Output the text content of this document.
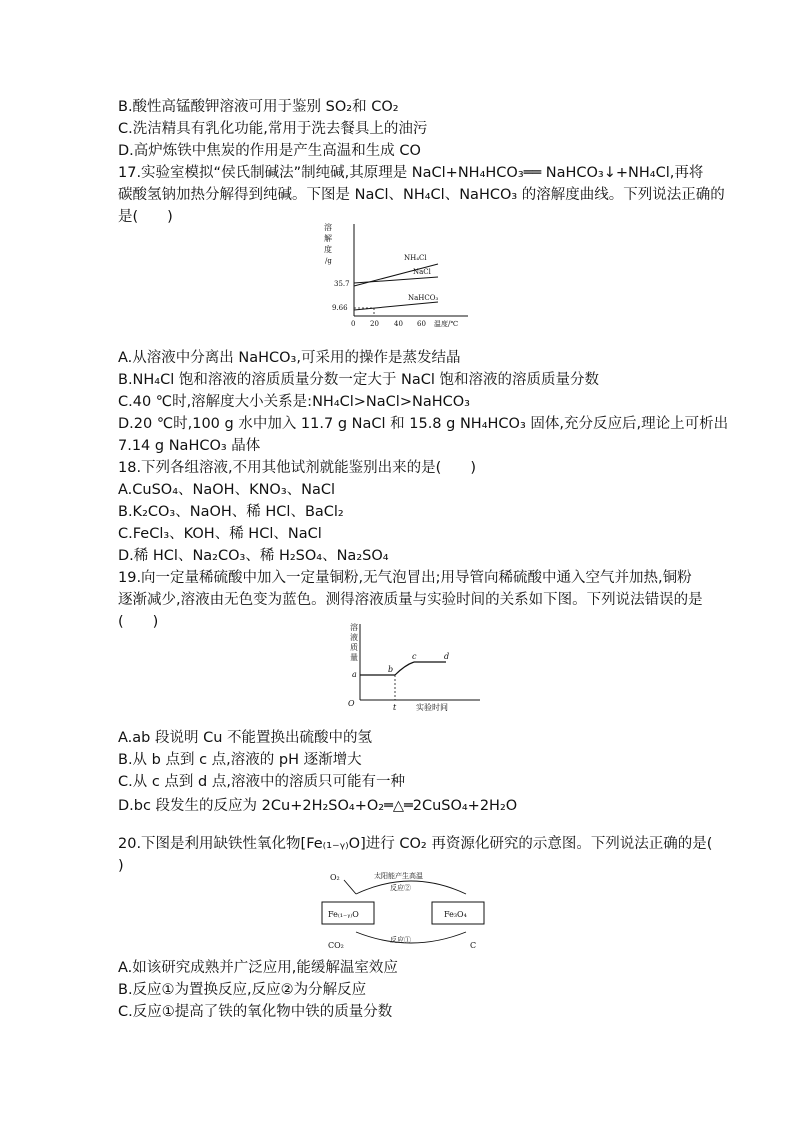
B.酸性高锰酸钾溶液可用于鉴别 SO₂和 CO₂
C.洗洁精具有乳化功能,常用于洗去餐具上的油污
D.高炉炼铁中焦炭的作用是产生高温和生成 CO
17.实验室模拟“侯氏制碱法”制纯碱,其原理是 NaCl+NH₄HCO₃══ NaHCO₃↓+NH₄Cl,再将
碳酸氢钠加热分解得到纯碱。下图是 NaCl、NH₄Cl、NaHCO₃ 的溶解度曲线。下列说法正确的
是(　　)
溶
解
度
/g
35.7
9.66
0 20 40 60 温度/℃
NH₄Cl
NaCl
NaHCO₃
A.从溶液中分离出 NaHCO₃,可采用的操作是蒸发结晶
B.NH₄Cl 饱和溶液的溶质质量分数一定大于 NaCl 饱和溶液的溶质质量分数
C.40 ℃时,溶解度大小关系是:NH₄Cl>NaCl>NaHCO₃
D.20 ℃时,100 g 水中加入 11.7 g NaCl 和 15.8 g NH₄HCO₃ 固体,充分反应后,理论上可析出
7.14 g NaHCO₃ 晶体
18.下列各组溶液,不用其他试剂就能鉴别出来的是(　　)
A.CuSO₄、NaOH、KNO₃、NaCl
B.K₂CO₃、NaOH、稀 HCl、BaCl₂
C.FeCl₃、KOH、稀 HCl、NaCl
D.稀 HCl、Na₂CO₃、稀 H₂SO₄、Na₂SO₄
19.向一定量稀硫酸中加入一定量铜粉,无气泡冒出;用导管向稀硫酸中通入空气并加热,铜粉
逐渐减少,溶液由无色变为蓝色。测得溶液质量与实验时间的关系如下图。下列说法错误的是
(　　)	溶
液
质
量
O
a
b
c	d
t 实验时间
A.ab 段说明 Cu 不能置换出硫酸中的氢
B.从 b 点到 c 点,溶液的 pH 逐渐增大
C.从 c 点到 d 点,溶液中的溶质只可能有一种
D.bc 段发生的反应为 2Cu+2H₂SO₄+O₂═△═2CuSO₄+2H₂O
20.下图是利用缺铁性氧化物[Fe₍₁₋ᵧ₎O]进行 CO₂ 再资源化研究的示意图。下列说法正确的是(
)
O₂	太阳能产生高温
反应②
Fe₍₁₋ᵧ₎O	Fe₃O₄
CO₂
反应①
C
A.如该研究成熟并广泛应用,能缓解温室效应
B.反应①为置换反应,反应②为分解反应
C.反应①提高了铁的氧化物中铁的质量分数
